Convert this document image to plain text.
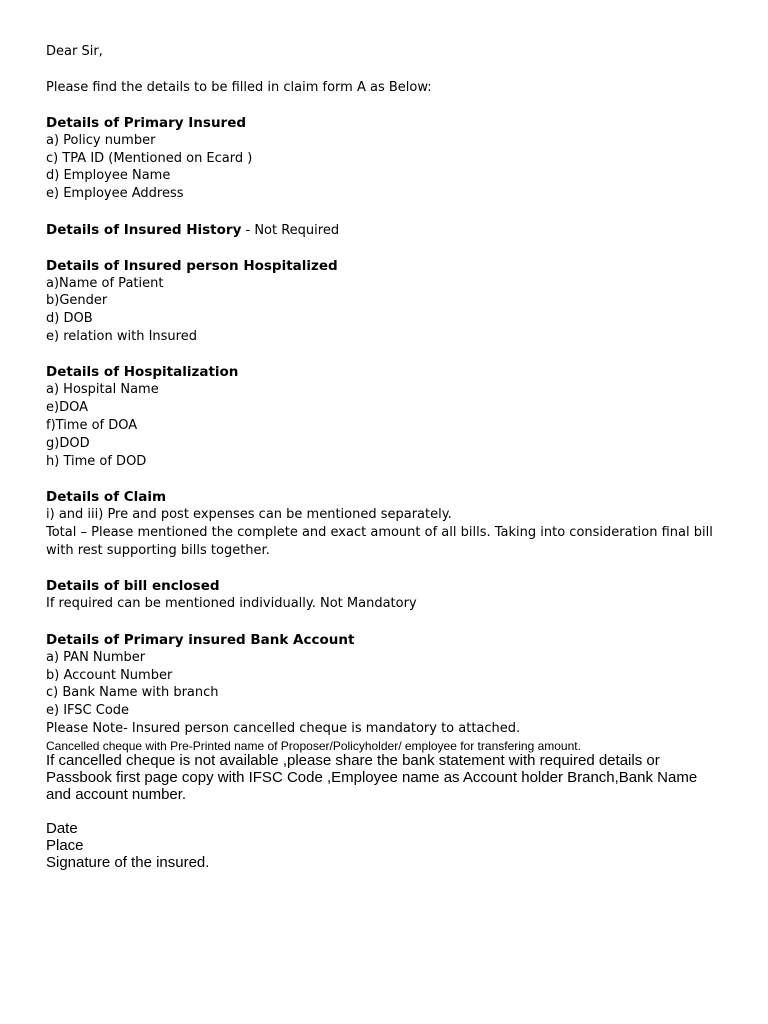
Dear Sir,
Please find the details to be filled in claim form A as Below:
Details of Primary Insured
a) Policy number
c) TPA ID (Mentioned on Ecard )
d) Employee Name
e) Employee Address
Details of Insured History - Not Required
Details of Insured person Hospitalized
a)Name of Patient
b)Gender
d) DOB
e) relation with Insured
Details of Hospitalization
a) Hospital Name
e)DOA
f)Time of DOA
g)DOD
h) Time of DOD
Details of Claim
i) and iii) Pre and post expenses can be mentioned separately.
Total – Please mentioned the complete and exact amount of all bills. Taking into consideration final bill
with rest supporting bills together.
Details of bill enclosed
If required can be mentioned individually. Not Mandatory
Details of Primary insured Bank Account
a) PAN Number
b) Account Number
c) Bank Name with branch
e) IFSC Code
Please Note- Insured person cancelled cheque is mandatory to attached.
Cancelled cheque with Pre-Printed name of Proposer/Policyholder/ employee for transfering amount.
If cancelled cheque is not available ,please share the bank statement with required details or
Passbook first page copy with IFSC Code ,Employee name as Account holder Branch,Bank Name
and account number.
Date
Place
Signature of the insured.
